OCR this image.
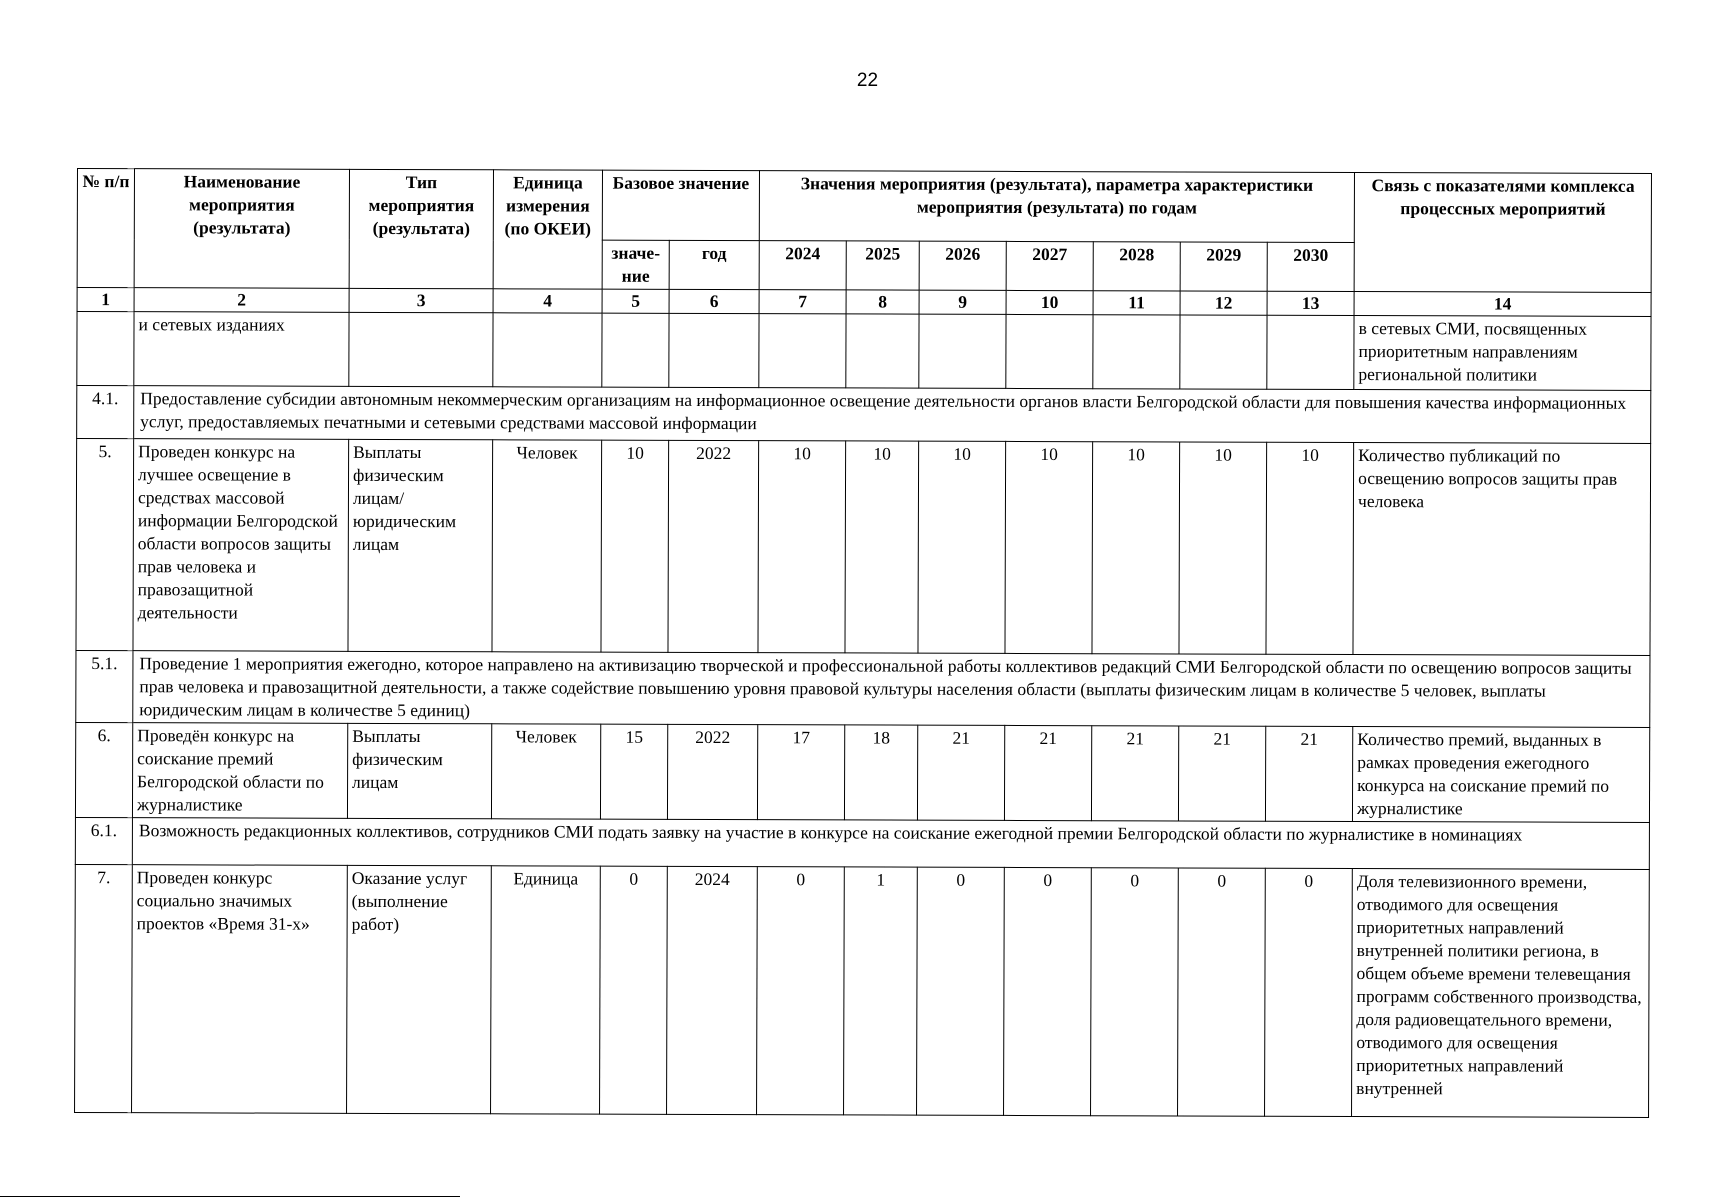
22
№ п/п	Наименование мероприятия (результата)	Тип мероприятия (результата)	Единица измерения (по ОКЕИ)	Базовое значение		Значения мероприятия (результата), параметра характеристики мероприятия (результата) по годам							Связь с показателями комплекса процессных мероприятий
				значе-ние	год	2024	2025	2026	2027	2028	2029	2030	
1	2	3	4	5	6	7	8	9	10	11	12	13	14
	и сетевых изданиях												в сетевых СМИ, посвященных приоритетным направлениям региональной политики
4.1.	Предоставление субсидии автономным некоммерческим организациям на информационное освещение деятельности органов власти Белгородской области для повышения качества информационных услуг, предоставляемых печатными и сетевыми средствами массовой информации												
5.	Проведен конкурс на лучшее освещение в средствах массовой информации Белгородской области вопросов защиты прав человека и правозащитной деятельности	Выплаты физическим лицам/ юридическим лицам	Человек	10	2022	10	10	10	10	10	10	10	Количество публикаций по освещению вопросов защиты прав человека
5.1.	Проведение 1 мероприятия ежегодно, которое направлено на активизацию творческой и профессиональной работы коллективов редакций СМИ Белгородской области по освещению вопросов защиты прав человека и правозащитной деятельности, а также содействие повышению уровня правовой культуры населения области (выплаты физическим лицам в количестве 5 человек, выплаты юридическим лицам в количестве 5 единиц)												
6.	Проведён конкурс на соискание премий Белгородской области по журналистике	Выплаты физическим лицам	Человек	15	2022	17	18	21	21	21	21	21	Количество премий, выданных в рамках проведения ежегодного конкурса на соискание премий по журналистике
6.1.	Возможность редакционных коллективов, сотрудников СМИ подать заявку на участие в конкурсе на соискание ежегодной премии Белгородской области по журналистике в номинациях												
7.	Проведен конкурс социально значимых проектов «Время 31-х»	Оказание услуг (выполнение работ)	Единица	0	2024	0	1	0	0	0	0	0	Доля телевизионного времени, отводимого для освещения приоритетных направлений внутренней политики региона, в общем объеме времени телевещания программ собственного производства, доля радиовещательного времени, отводимого для освещения приоритетных направлений внутренней
